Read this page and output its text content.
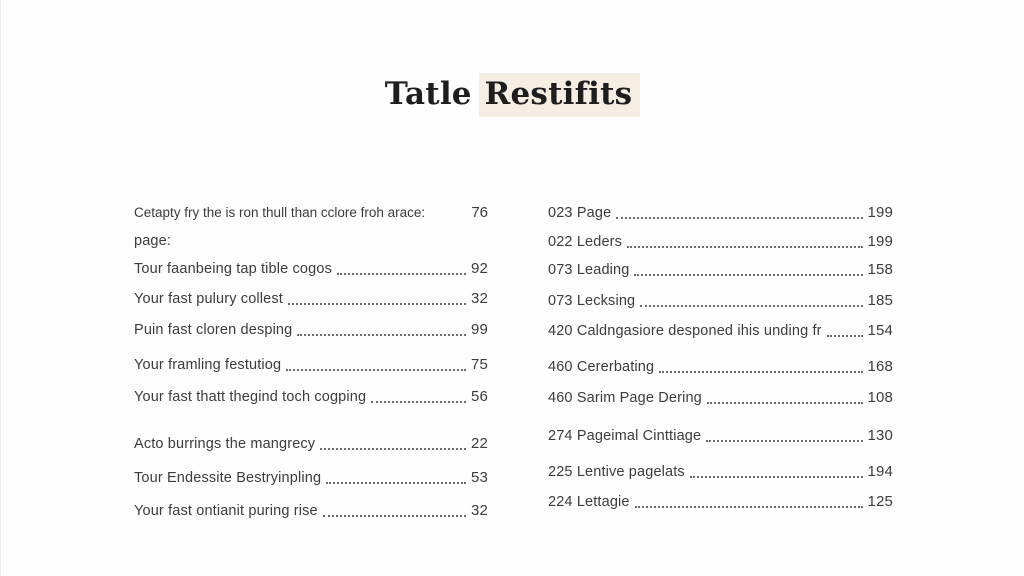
Tatle Restifits
Cetapty fry the is ron thull than cclore froh arace:	76
page:
Tour faanbeing tap tible cogos	92
Your fast pulury collest	32
Puin fast cloren desping	99
Your framling festutiog	75
Your fast thatt thegind toch cogping	56
Acto burrings the mangrecy	22
Tour Endessite Bestryinpling	53
Your fast ontianit puring rise	32
023 Page	199
022 Leders	199
073 Leading	158
073 Lecksing	185
420 Caldngasiore desponed ihis unding fr	154
460 Cererbating	168
460 Sarim Page Dering	108
274 Pageimal Cinttiage	130
225 Lentive pagelats	194
224 Lettagie	125
